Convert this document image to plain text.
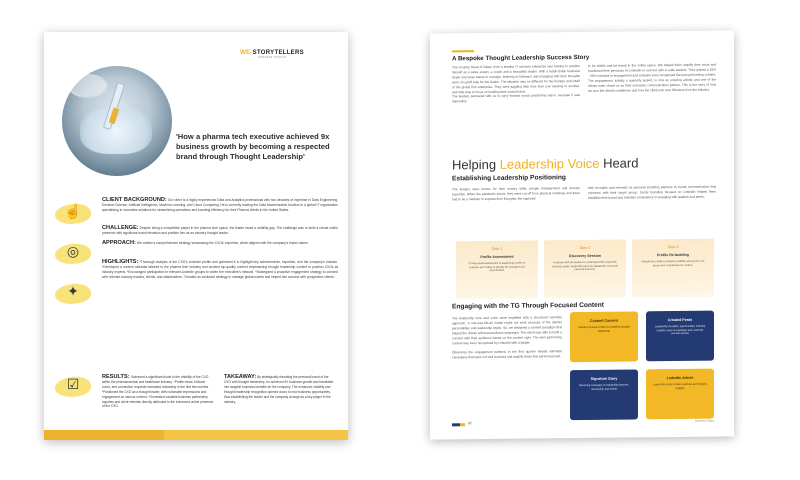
WE-STORYTELLERS
CONTENT STUDIO
'How a pharma tech executive achieved 9x business growth by becoming a respected brand through Thought Leadership'
☝
◎
✦
☑
CLIENT BACKGROUND: Our client is a highly experienced Data and Analytics professional with two decades of expertise in Data Engineering, Decision Science, Artificial Intelligence, Machine Learning, and Cloud Computing. He is currently leading the Data Modernization function in a global IT organization specializing in innovative solutions for streamlining operations and boosting efficiency for their Pharma clients in the United States.
CHALLENGE: Despite being a competitive player in the pharma tech space, the leader faced a visibility gap. The challenge was to build a robust online presence with significant brand elevation and position him as an industry thought leader.
APPROACH: We crafted a comprehensive strategy showcasing the CXOs' expertise, which aligned with the company's brand values.
HIGHLIGHTS: *Thorough analysis of the CXO's LinkedIn profile and optimized it to highlight key achievements, expertise, and the company's mission. *Developed a content calendar tailored to the pharma tech industry and curated top-quality content emphasizing thought leadership content to position CXOs as industry experts. *Encouraged participation in relevant LinkedIn groups to widen the executive's network. *Strategized a proactive engagement strategy to connect with relevant industry leaders, clients, and stakeholders. *Created an exclusive strategy to manage global events and helped him connect with prospective clients.
RESULTS: *Achieved a significant boost in the visibility of the CXO within the pharmaceutical and healthcare industry. *Profile views, follower count, and connection requests increased noticeably in the first few months. *Positioned the CXO as a thought leader, with noticeable impressions and engagement on various content. *Generated valuable business partnership inquiries and client referrals directly attributed to the enhanced online presence of the CXO.
TAKEAWAY: By strategically elevating the personal brand of the CXO with thought leadership, he achieved 9X business growth and translated into tangible business benefits for the company. The enhanced visibility and thought leadership recognition opened doors to new business opportunities, thus establishing the leader and the company at large as a key player in the industry.
A Bespoke Thought Leadership Success Story
The Country Head of Sales, from a leading IT services enterprise was looking to position himself as a sales expert, a coach and a thoughtful leader. With a lettuh-dollar business target and large teams to manage, listening to followers and engaging with their thoughts were an uphill task for the leader. The situation was no different for the founder and CMO of the global firm enterprise. They were juggling their time from one meeting to another, with little time to focus on building their social brand.
The leaders partnered with us to carry forward social positioning vision, because it was imperative
to be visible and be heard in the online space. We helped them amplify their voice and positioned their personas on LinkedIn to connect with C-suite leaders. They gained a 15% - 20% increase in engagement and LinkedIn even recognised the best performing content. The engagement, initially a quarterly project, is now an ongoing activity and one of the clients even chose us as their executive communication partner. This is the story of how we won the client's confidence and how the client won new followers from the industry.
Helping Leadership Voice Heard
Establishing Leadership Positioning
The leaders were known for their oratory skills, people management and domain expertise. When the pandemic struck, they were cut off from physical meetings and there had to be a medium to express their thoughts; the captured
their thoughts and interests as personal branding partners to curate communication that connects with their target group. Social branding focused on LinkedIn helped them establish their brand and maintain consistency in engaging with leaders and peers.
Step 1
Profile Assessment
Primary-level assessment of leadership profile on LinkedIn and Twitter to identify the strengths and opportunities.
Step 2
Discovery Session
A session with the leaders to understand their expertise, business goals, leadership persona, leadership voice and personal interests.
Step 3
Profile Re-building
Rebuild the profile to enhance visibility among the core group and complement its content.
Engaging with the TG Through Focused Content
The leadership tone and voice were amplified with a structured narrative approach. A one-size-fits-all model might not work because of the distinct personalities and leadership styles. So, we designed a content paradigm that helped the clients with personalized campaigns. The client was able to build a connect with their audience based on the content style. The best performing content was even recognized by LinkedIn with a badge.

Observing the engagement patterns in the first quarter helped eliminate campaigns that were not well received and amplify those that performed well.
Curated Content
Industry-focused content to establish thought leadership
Created Posts
Leadership thoughts, opportunities, industry insights, team & employee and customer success stories
Signature Story
Recurring campaign on leadership lessons, mentorship and trends
LinkedIn Article
Long-form posts on best practices and industry insights
02
Success Story
